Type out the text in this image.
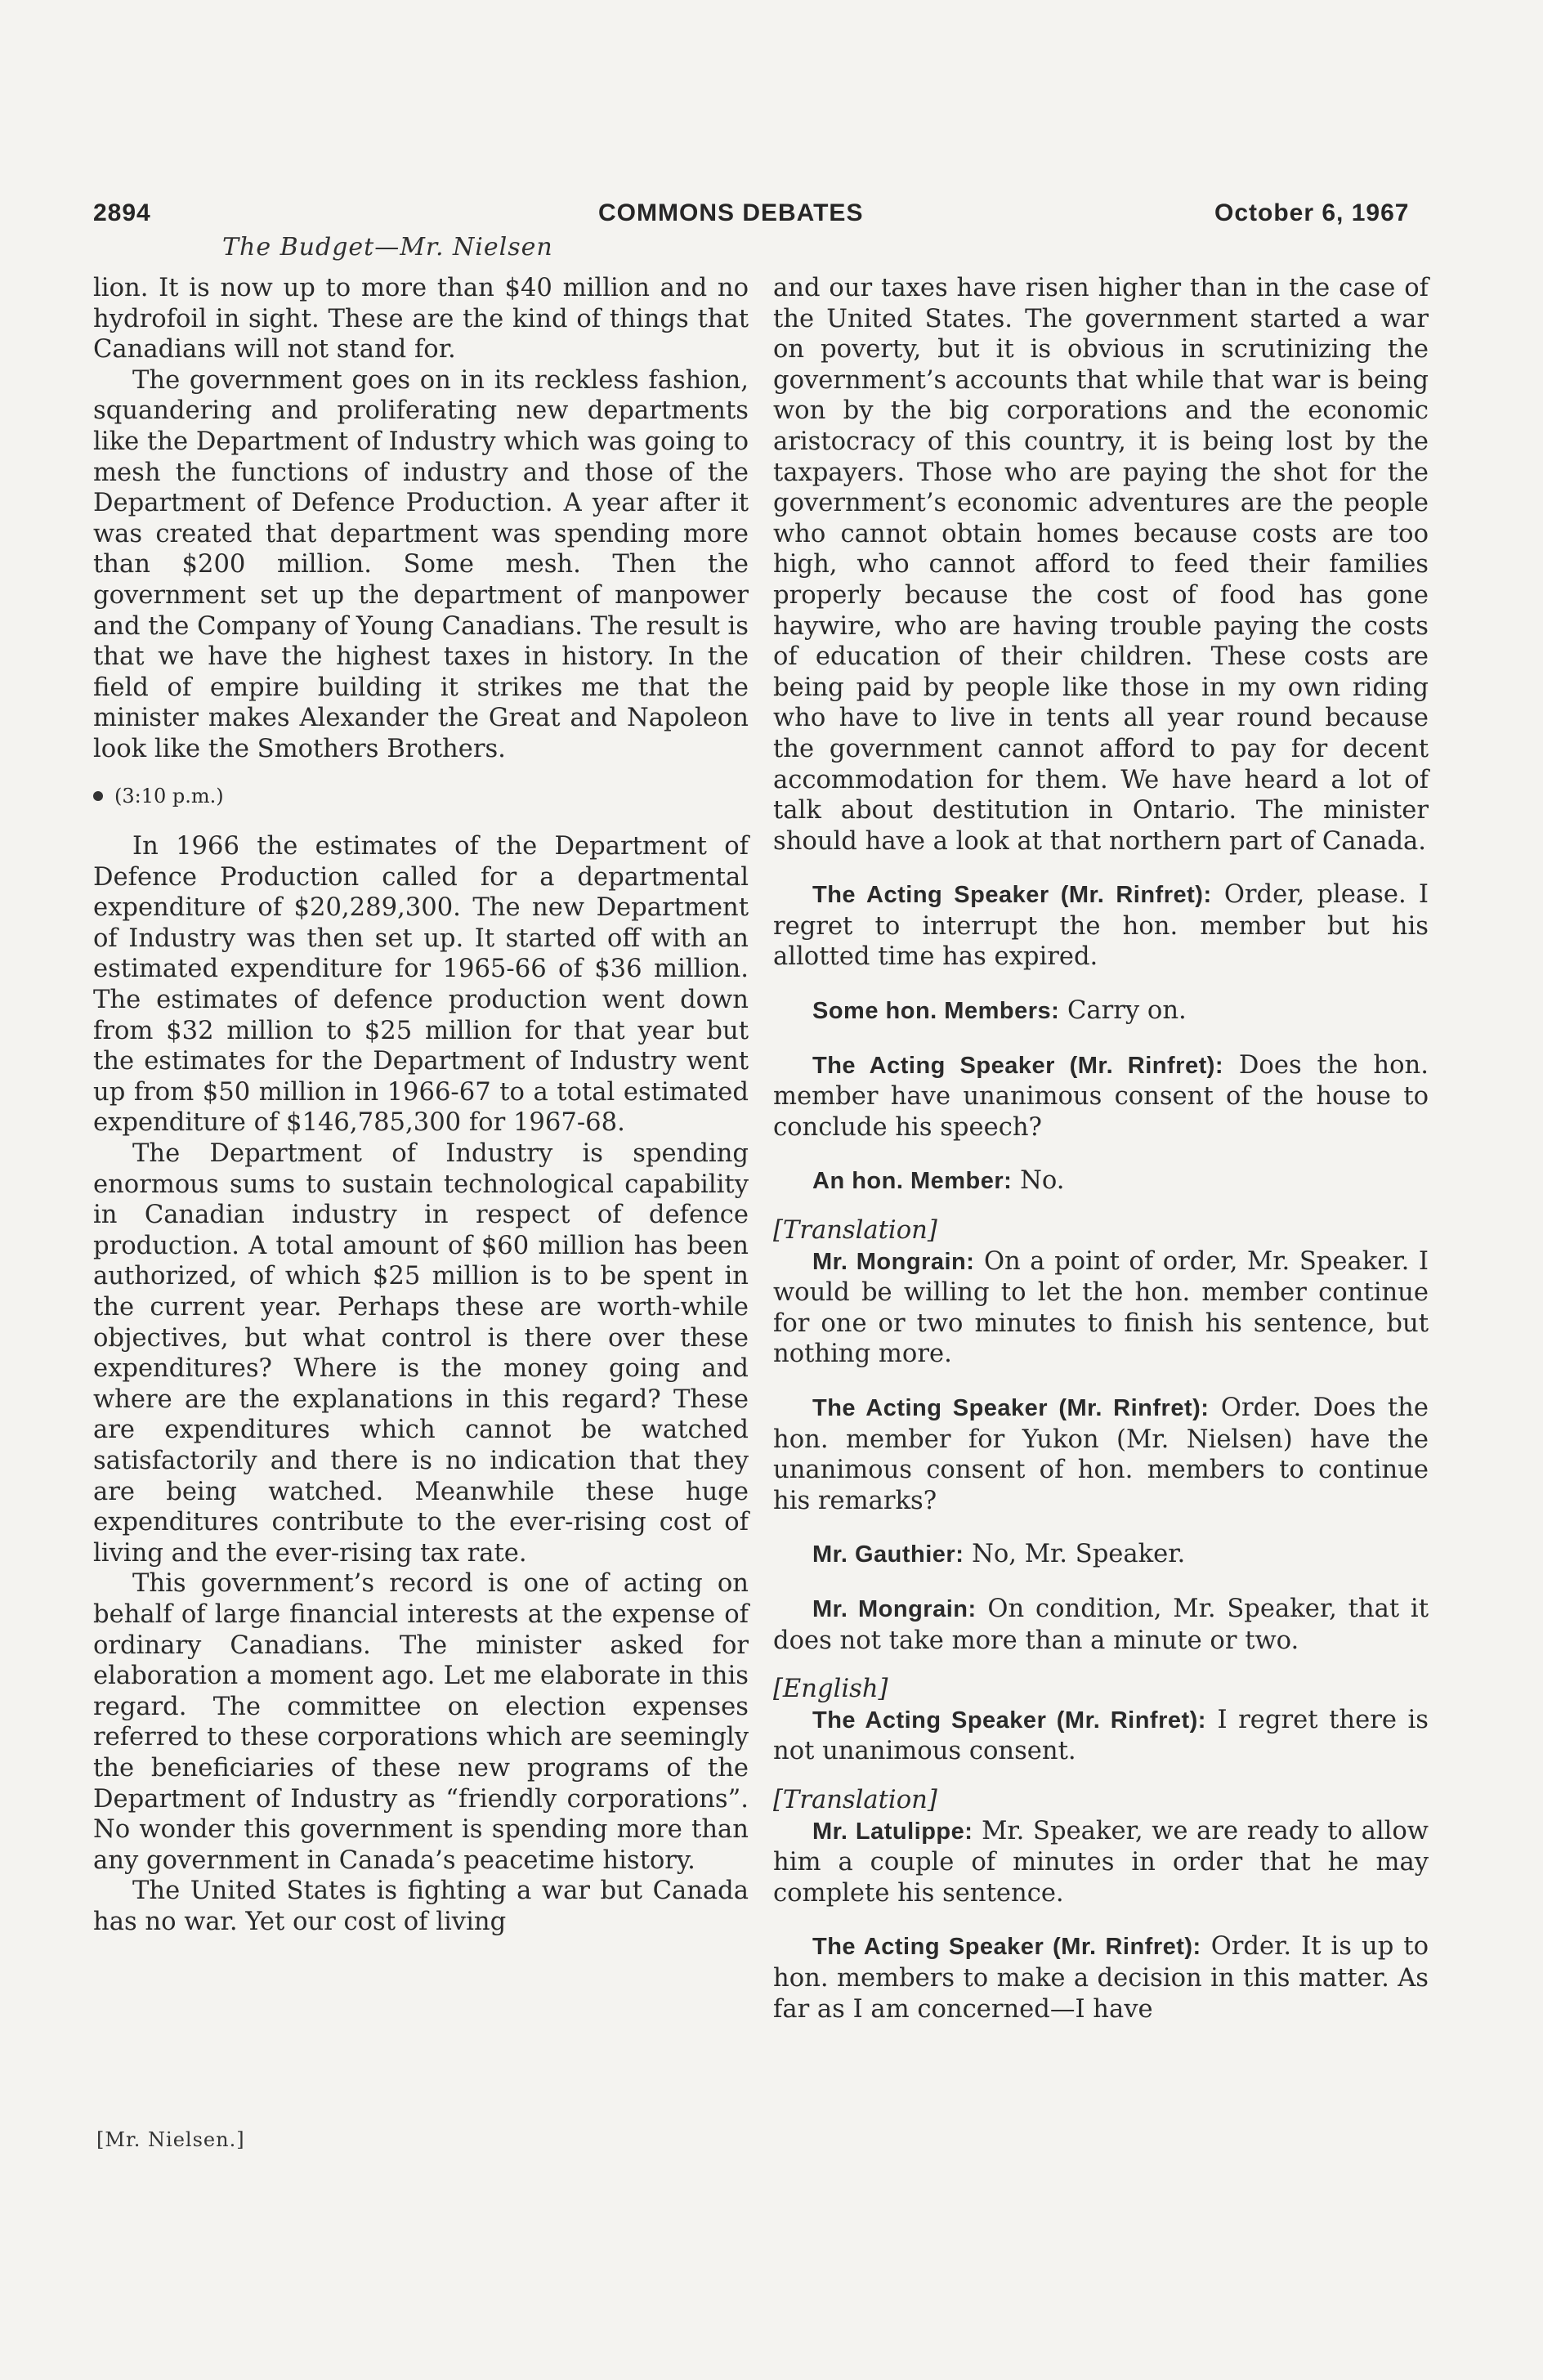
2894	COMMONS DEBATES	October 6, 1967
The Budget—Mr. Nielsen

lion. It is now up to more than $40 million and no hydrofoil in sight. These are the kind of things that Canadians will not stand for.

The government goes on in its reckless fashion, squandering and proliferating new departments like the Department of Industry which was going to mesh the functions of industry and those of the Department of Defence Production. A year after it was created that department was spending more than $200 million. Some mesh. Then the government set up the department of manpower and the Company of Young Canadians. The result is that we have the highest taxes in history. In the field of empire building it strikes me that the minister makes Alexander the Great and Napoleon look like the Smothers Brothers.

(3:10 p.m.)

In 1966 the estimates of the Department of Defence Production called for a departmental expenditure of $20,289,300. The new Department of Industry was then set up. It started off with an estimated expenditure for 1965-66 of $36 million. The estimates of defence production went down from $32 million to $25 million for that year but the estimates for the Department of Industry went up from $50 million in 1966-67 to a total estimated expenditure of $146,785,300 for 1967-68.

The Department of Industry is spending enormous sums to sustain technological capability in Canadian industry in respect of defence production. A total amount of $60 million has been authorized, of which $25 million is to be spent in the current year. Perhaps these are worth-while objectives, but what control is there over these expenditures? Where is the money going and where are the explanations in this regard? These are expenditures which cannot be watched satisfactorily and there is no indication that they are being watched. Meanwhile these huge expenditures contribute to the ever-rising cost of living and the ever-rising tax rate.

This government’s record is one of acting on behalf of large financial interests at the expense of ordinary Canadians. The minister asked for elaboration a moment ago. Let me elaborate in this regard. The committee on election expenses referred to these corporations which are seemingly the beneficiaries of these new programs of the Department of Industry as “friendly corporations”. No wonder this government is spending more than any government in Canada’s peacetime history.

The United States is fighting a war but Canada has no war. Yet our cost of living

[Mr. Nielsen.]

and our taxes have risen higher than in the case of the United States. The government started a war on poverty, but it is obvious in scrutinizing the government’s accounts that while that war is being won by the big corporations and the economic aristocracy of this country, it is being lost by the taxpayers. Those who are paying the shot for the government’s economic adventures are the people who cannot obtain homes because costs are too high, who cannot afford to feed their families properly because the cost of food has gone haywire, who are having trouble paying the costs of education of their children. These costs are being paid by people like those in my own riding who have to live in tents all year round because the government cannot afford to pay for decent accommodation for them. We have heard a lot of talk about destitution in Ontario. The minister should have a look at that northern part of Canada.

The Acting Speaker (Mr. Rinfret): Order, please. I regret to interrupt the hon. member but his allotted time has expired.

Some hon. Members: Carry on.

The Acting Speaker (Mr. Rinfret): Does the hon. member have unanimous consent of the house to conclude his speech?

An hon. Member: No.

[Translation]

Mr. Mongrain: On a point of order, Mr. Speaker. I would be willing to let the hon. member continue for one or two minutes to finish his sentence, but nothing more.

The Acting Speaker (Mr. Rinfret): Order. Does the hon. member for Yukon (Mr. Nielsen) have the unanimous consent of hon. members to continue his remarks?

Mr. Gauthier: No, Mr. Speaker.

Mr. Mongrain: On condition, Mr. Speaker, that it does not take more than a minute or two.

[English]

The Acting Speaker (Mr. Rinfret): I regret there is not unanimous consent.

[Translation]

Mr. Latulippe: Mr. Speaker, we are ready to allow him a couple of minutes in order that he may complete his sentence.

The Acting Speaker (Mr. Rinfret): Order. It is up to hon. members to make a decision in this matter. As far as I am concerned—I have
